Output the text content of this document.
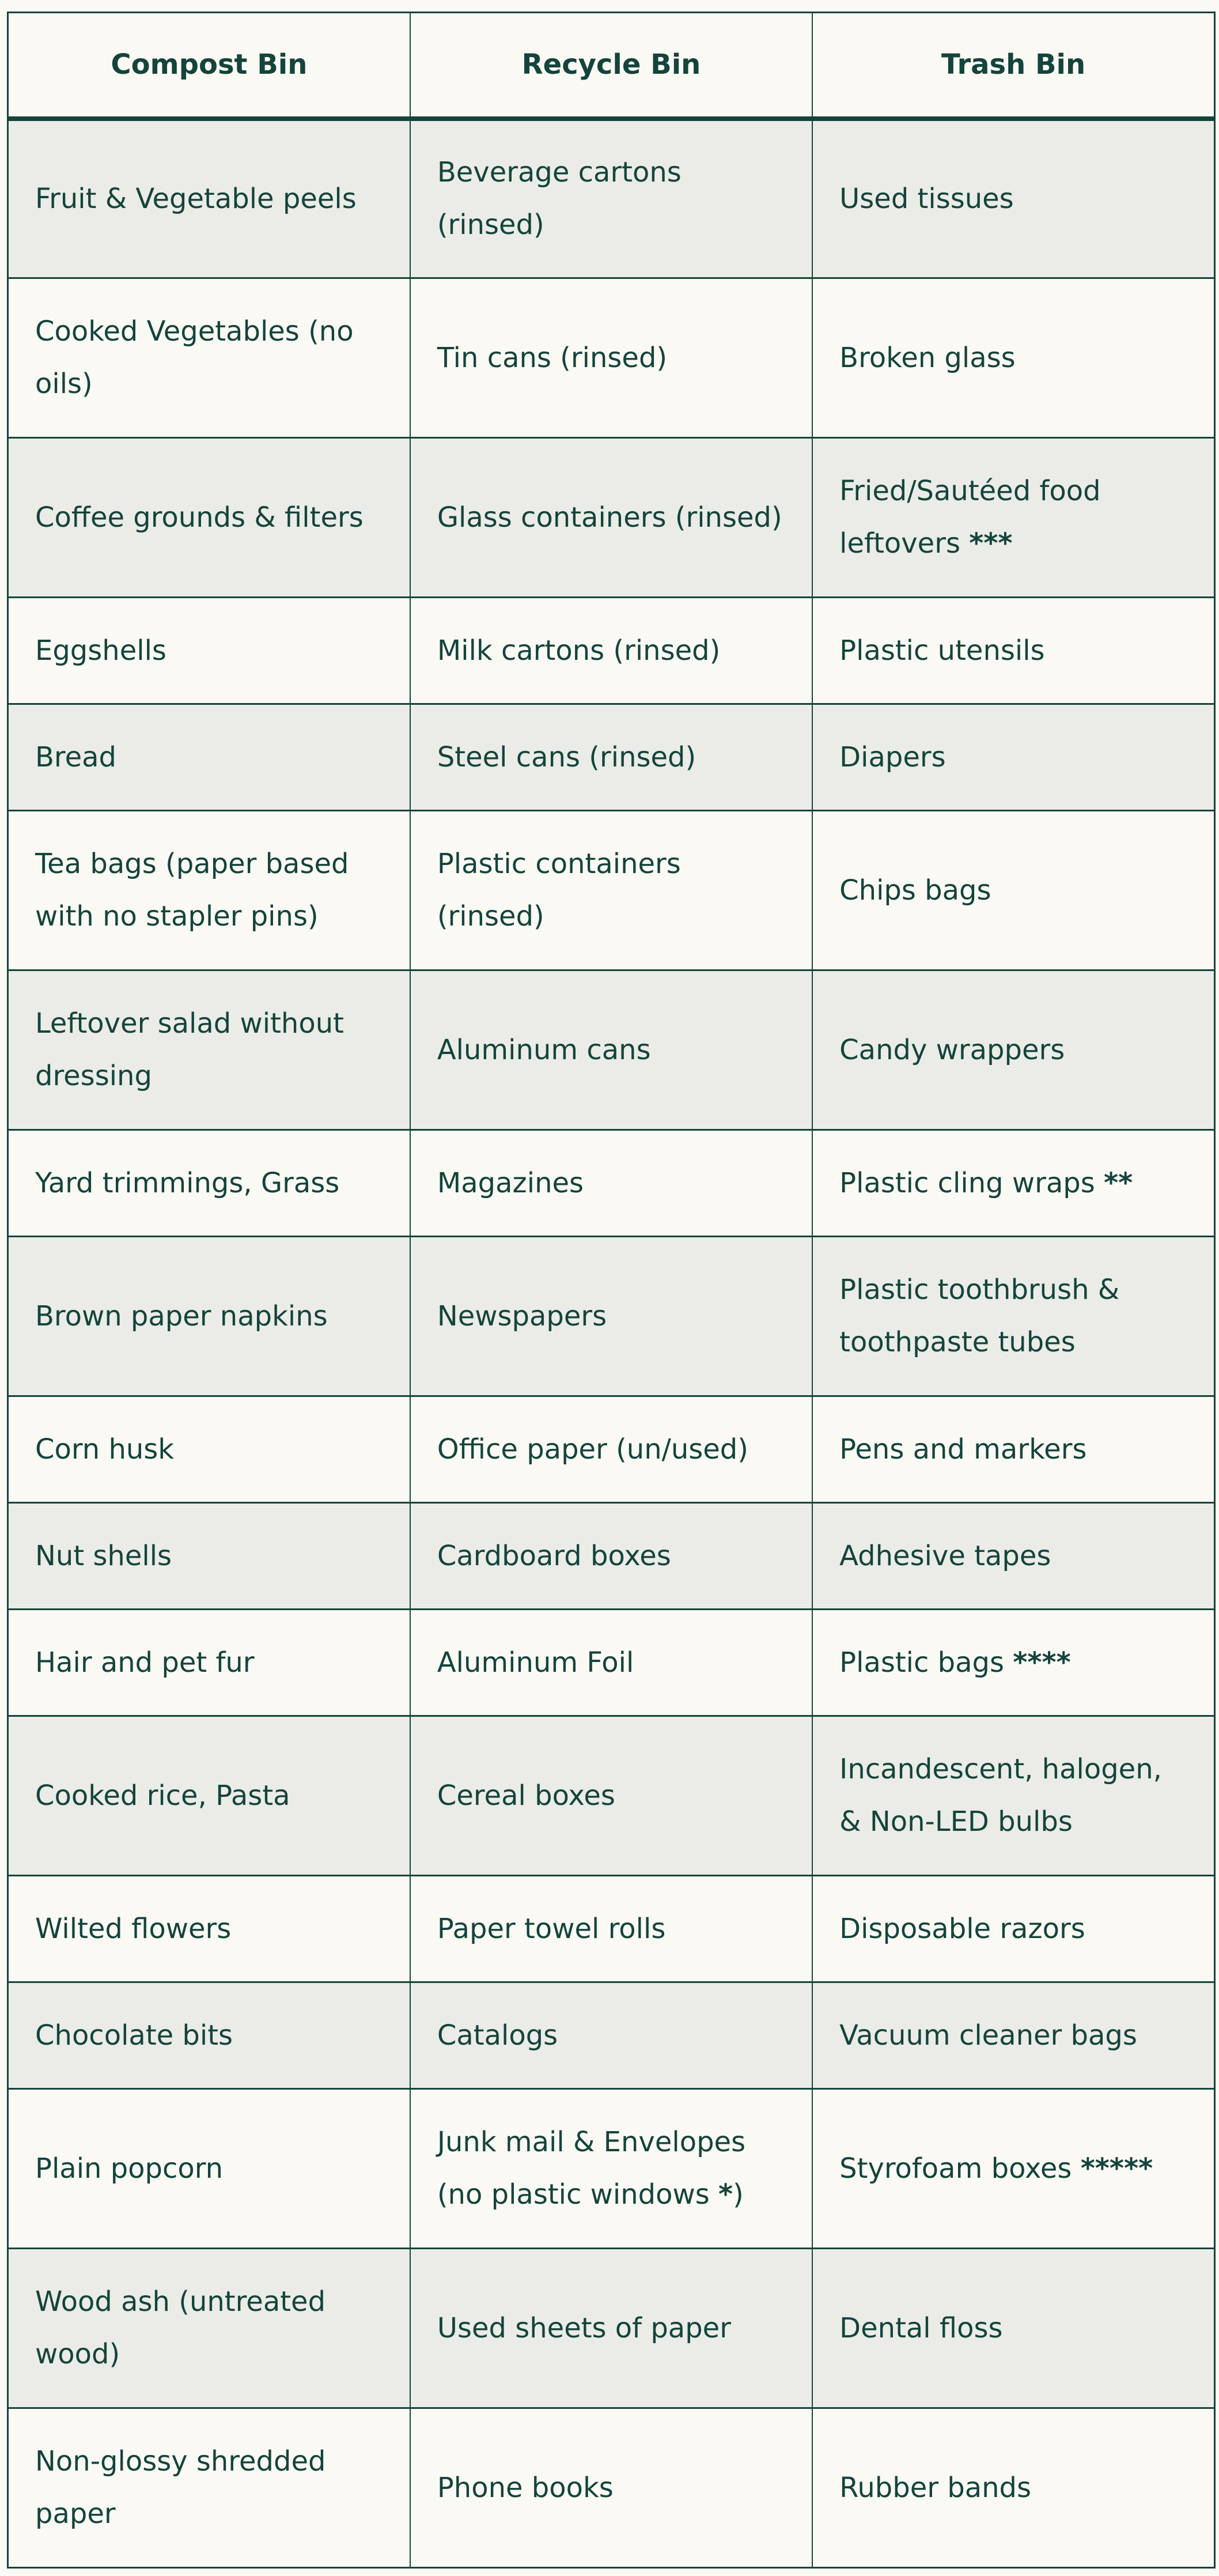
Compost Bin	Recycle Bin	Trash Bin
Fruit & Vegetable peels	Beverage cartons (rinsed)	Used tissues
Cooked Vegetables (no oils)	Tin cans (rinsed)	Broken glass
Coffee grounds & filters	Glass containers (rinsed)	Fried/Sautéed food leftovers ***
Eggshells	Milk cartons (rinsed)	Plastic utensils
Bread	Steel cans (rinsed)	Diapers
Tea bags (paper based with no stapler pins)	Plastic containers (rinsed)	Chips bags
Leftover salad without dressing	Aluminum cans	Candy wrappers
Yard trimmings, Grass	Magazines	Plastic cling wraps **
Brown paper napkins	Newspapers	Plastic toothbrush & toothpaste tubes
Corn husk	Office paper (un/used)	Pens and markers
Nut shells	Cardboard boxes	Adhesive tapes
Hair and pet fur	Aluminum Foil	Plastic bags ****
Cooked rice, Pasta	Cereal boxes	Incandescent, halogen, & Non-LED bulbs
Wilted flowers	Paper towel rolls	Disposable razors
Chocolate bits	Catalogs	Vacuum cleaner bags
Plain popcorn	Junk mail & Envelopes (no plastic windows *)	Styrofoam boxes *****
Wood ash (untreated wood)	Used sheets of paper	Dental floss
Non-glossy shredded paper	Phone books	Rubber bands
